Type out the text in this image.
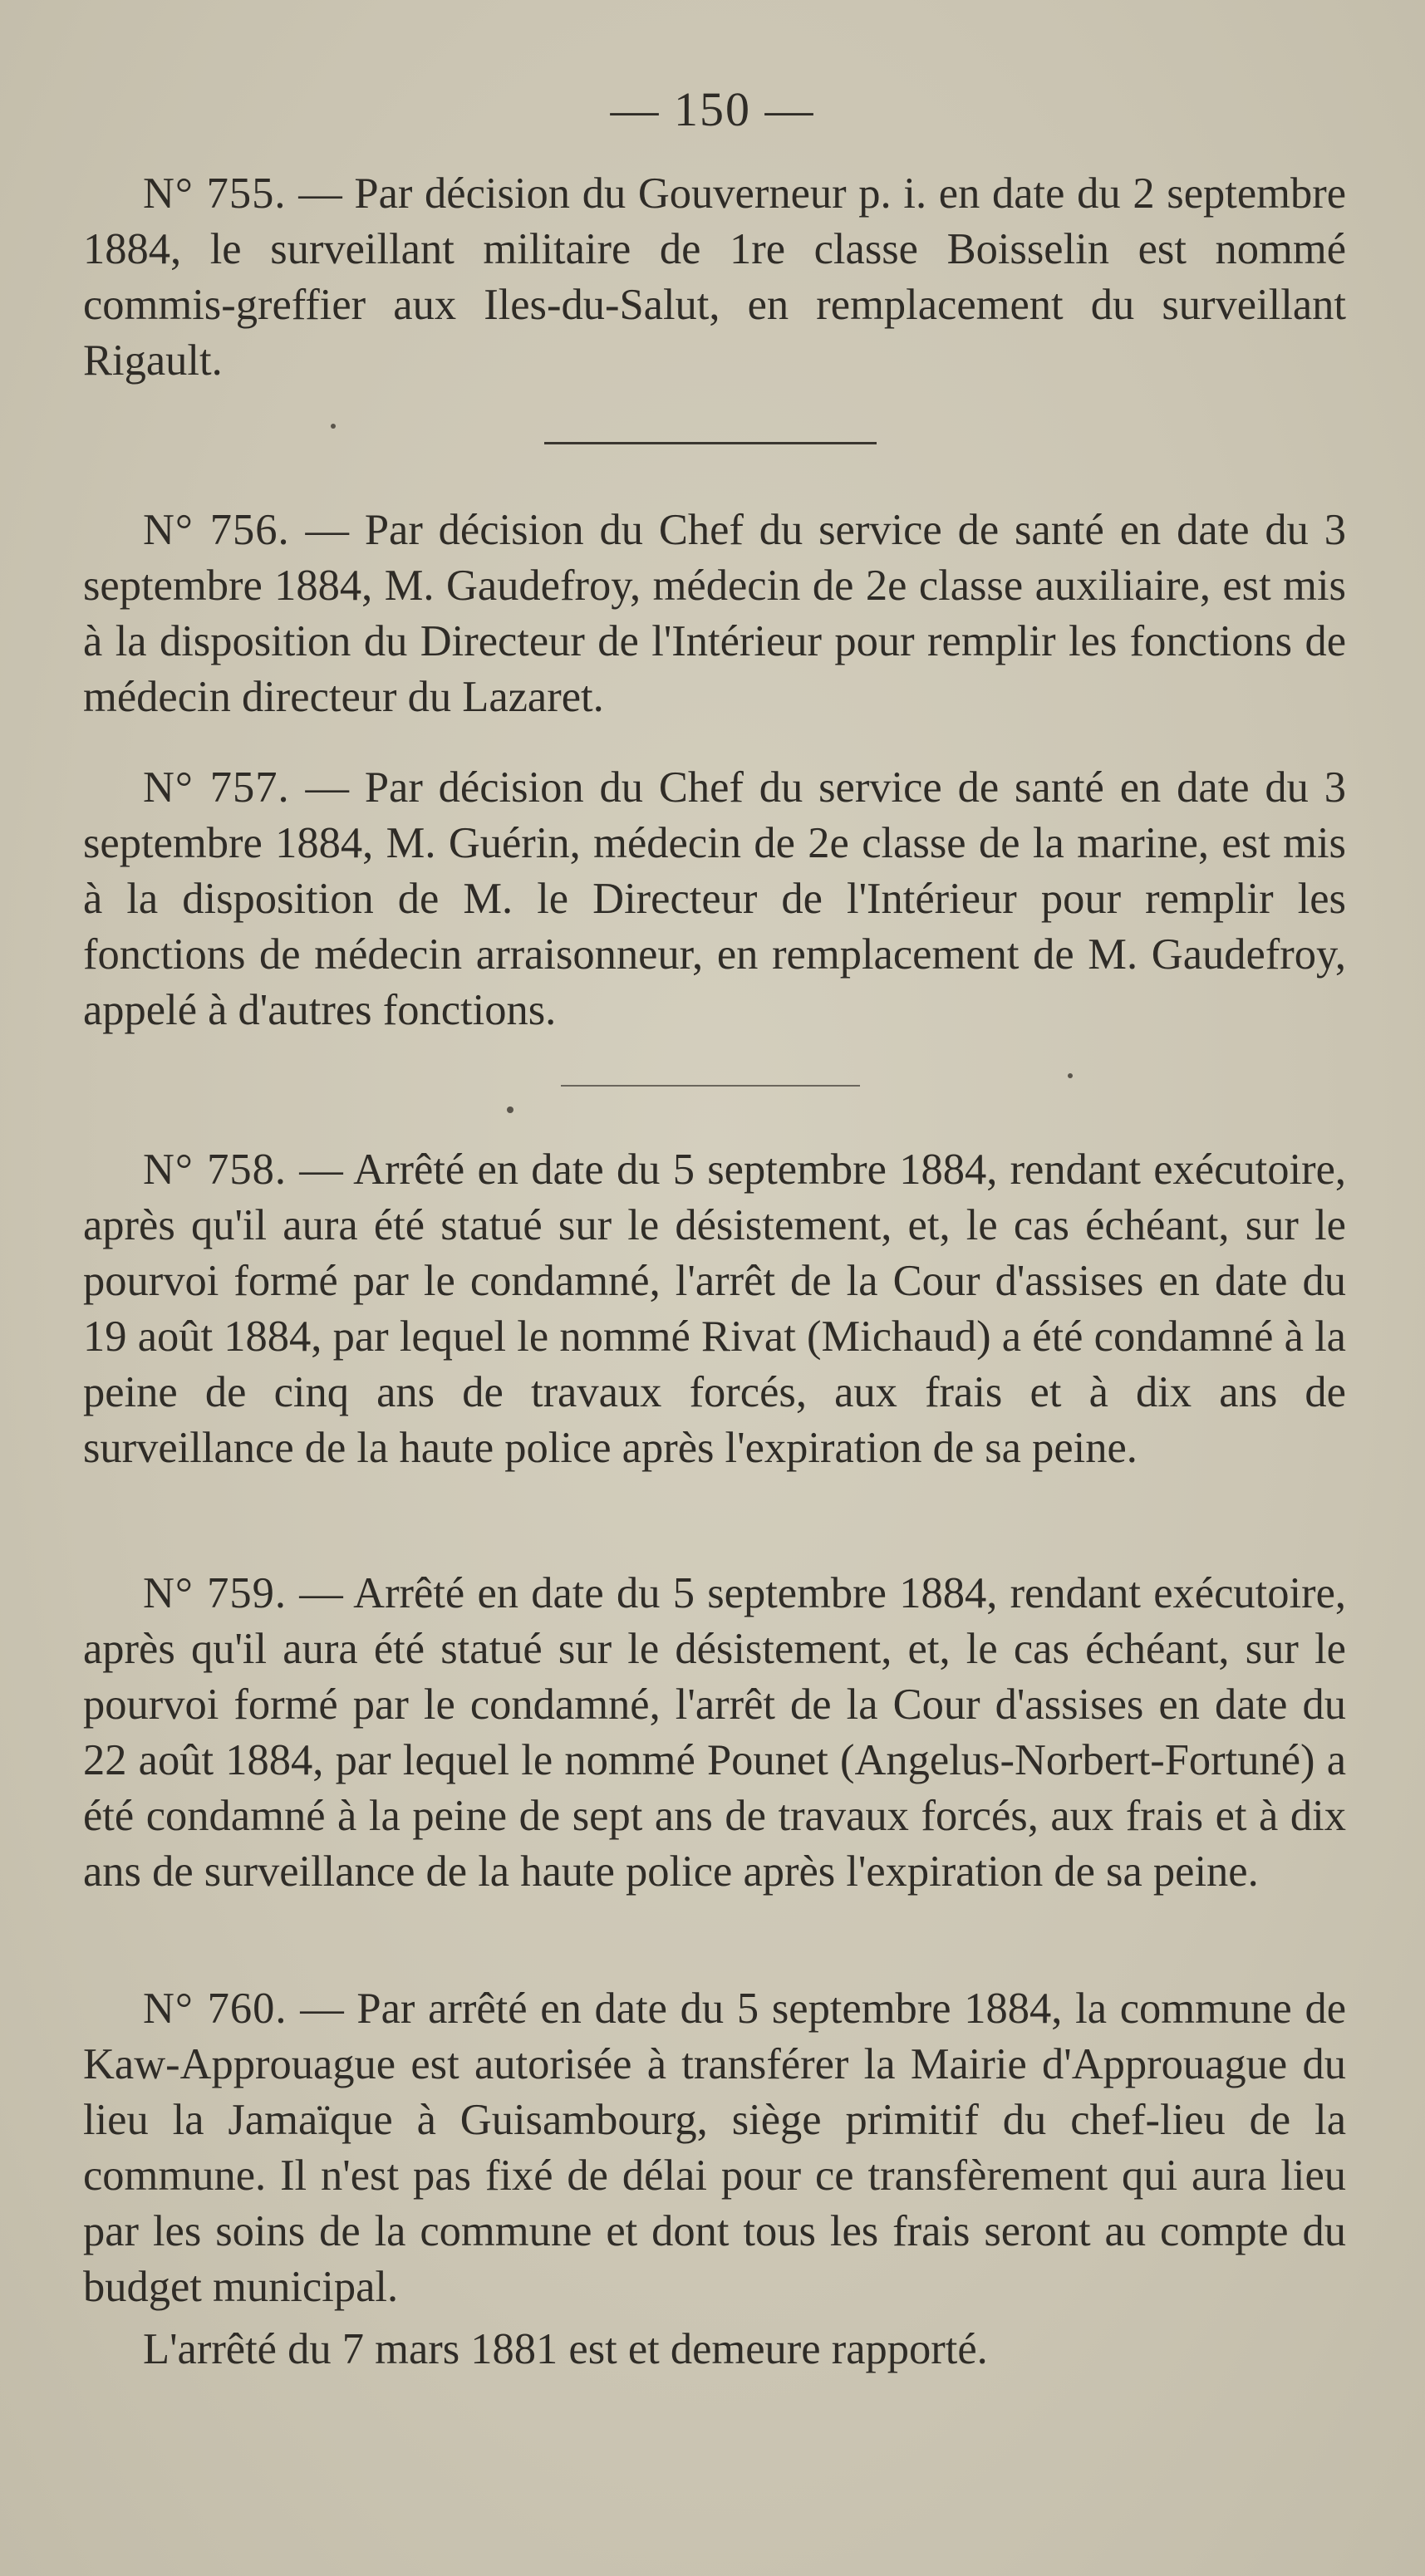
— 150 —

N° 755. — Par décision du Gouverneur p. i. en date du 2 septembre 1884, le surveillant militaire de 1re classe Boisselin est nommé commis-greffier aux Iles-du-Salut, en remplacement du surveillant Rigault.

N° 756. — Par décision du Chef du service de santé en date du 3 septembre 1884, M. Gaudefroy, médecin de 2e classe auxiliaire, est mis à la disposition du Directeur de l'Intérieur pour remplir les fonctions de médecin directeur du Lazaret.

N° 757. — Par décision du Chef du service de santé en date du 3 septembre 1884, M. Guérin, médecin de 2e classe de la marine, est mis à la disposition de M. le Directeur de l'Intérieur pour remplir les fonctions de médecin arraisonneur, en remplacement de M. Gaudefroy, appelé à d'autres fonctions.

N° 758. — Arrêté en date du 5 septembre 1884, rendant exécutoire, après qu'il aura été statué sur le désistement, et, le cas échéant, sur le pourvoi formé par le condamné, l'arrêt de la Cour d'assises en date du 19 août 1884, par lequel le nommé Rivat (Michaud) a été condamné à la peine de cinq ans de travaux forcés, aux frais et à dix ans de surveillance de la haute police après l'expiration de sa peine.

N° 759. — Arrêté en date du 5 septembre 1884, rendant exécutoire, après qu'il aura été statué sur le désistement, et, le cas échéant, sur le pourvoi formé par le condamné, l'arrêt de la Cour d'assises en date du 22 août 1884, par lequel le nommé Pounet (Angelus-Norbert-Fortuné) a été condamné à la peine de sept ans de travaux forcés, aux frais et à dix ans de surveillance de la haute police après l'expiration de sa peine.

N° 760. — Par arrêté en date du 5 septembre 1884, la commune de Kaw-Approuague est autorisée à transférer la Mairie d'Approuague du lieu la Jamaïque à Guisambourg, siège primitif du chef-lieu de la commune. Il n'est pas fixé de délai pour ce transfèrement qui aura lieu par les soins de la commune et dont tous les frais seront au compte du budget municipal.

L'arrêté du 7 mars 1881 est et demeure rapporté.
